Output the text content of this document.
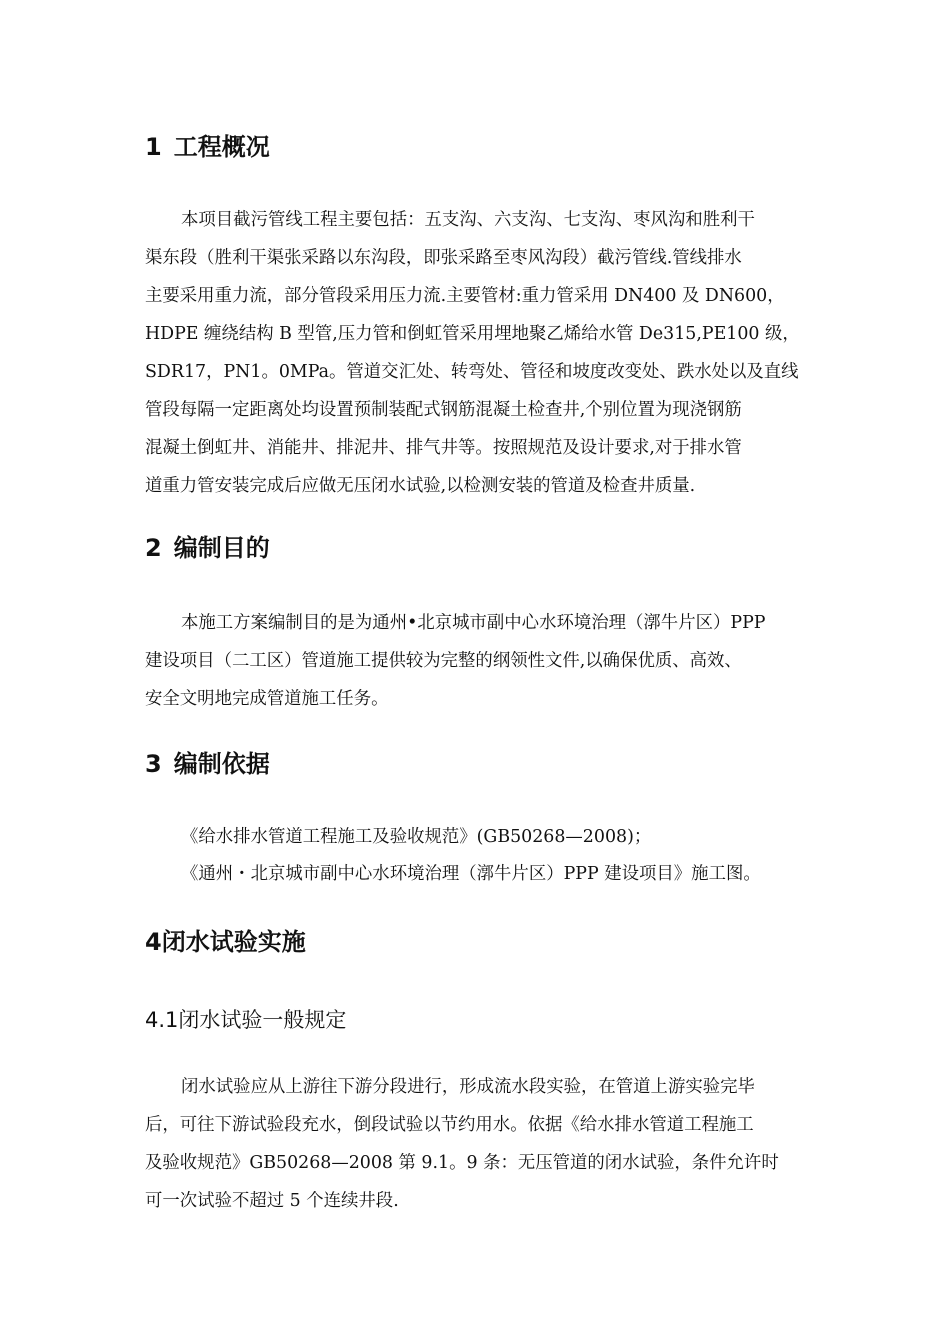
1 工程概况
本项目截污管线工程主要包括：五支沟、六支沟、七支沟、枣风沟和胜利干
渠东段（胜利干渠张采路以东沟段，即张采路至枣风沟段）截污管线.管线排水
主要采用重力流，部分管段采用压力流.主要管材:重力管采用 DN400 及 DN600，
HDPE 缠绕结构 B 型管,压力管和倒虹管采用埋地聚乙烯给水管 De315,PE100 级，
SDR17，PN1。0MPa。管道交汇处、转弯处、管径和坡度改变处、跌水处以及直线
管段每隔一定距离处均设置预制装配式钢筋混凝土检查井,个别位置为现浇钢筋
混凝土倒虹井、消能井、排泥井、排气井等。按照规范及设计要求,对于排水管
道重力管安装完成后应做无压闭水试验,以检测安装的管道及检查井质量.
2 编制目的
本施工方案编制目的是为通州•北京城市副中心水环境治理（漷牛片区）PPP
建设项目（二工区）管道施工提供较为完整的纲领性文件,以确保优质、高效、
安全文明地完成管道施工任务。
3 编制依据
《给水排水管道工程施工及验收规范》(GB50268—2008)；
《通州・北京城市副中心水环境治理（漷牛片区）PPP 建设项目》施工图。
4闭水试验实施
4.1闭水试验一般规定
闭水试验应从上游往下游分段进行，形成流水段实验，在管道上游实验完毕
后，可往下游试验段充水，倒段试验以节约用水。依据《给水排水管道工程施工
及验收规范》GB50268—2008 第 9.1。9 条：无压管道的闭水试验，条件允许时
可一次试验不超过 5 个连续井段.
